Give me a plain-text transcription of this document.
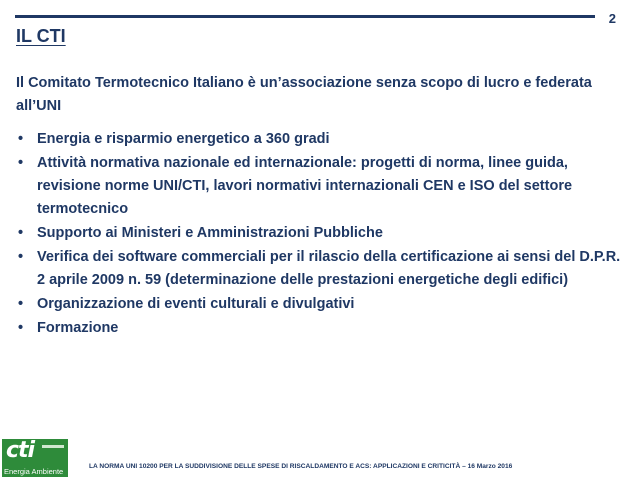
2
IL CTI
Il Comitato Termotecnico Italiano è un’associazione senza scopo di lucro e federata all’UNI
• Energia e risparmio energetico a 360 gradi
• Attività normativa nazionale ed internazionale: progetti di norma, linee guida, revisione norme UNI/CTI, lavori normativi internazionali CEN e ISO del settore termotecnico
• Supporto ai Ministeri e Amministrazioni Pubbliche
• Verifica dei software commerciali per il rilascio della certificazione ai sensi del D.P.R. 2 aprile 2009 n. 59 (determinazione delle prestazioni energetiche degli edifici)
• Organizzazione di eventi culturali e divulgativi
• Formazione
cti
Energia Ambiente
LA NORMA UNI 10200 PER LA SUDDIVISIONE DELLE SPESE DI RISCALDAMENTO E ACS: APPLICAZIONI E CRITICITÀ – 16 Marzo 2016
